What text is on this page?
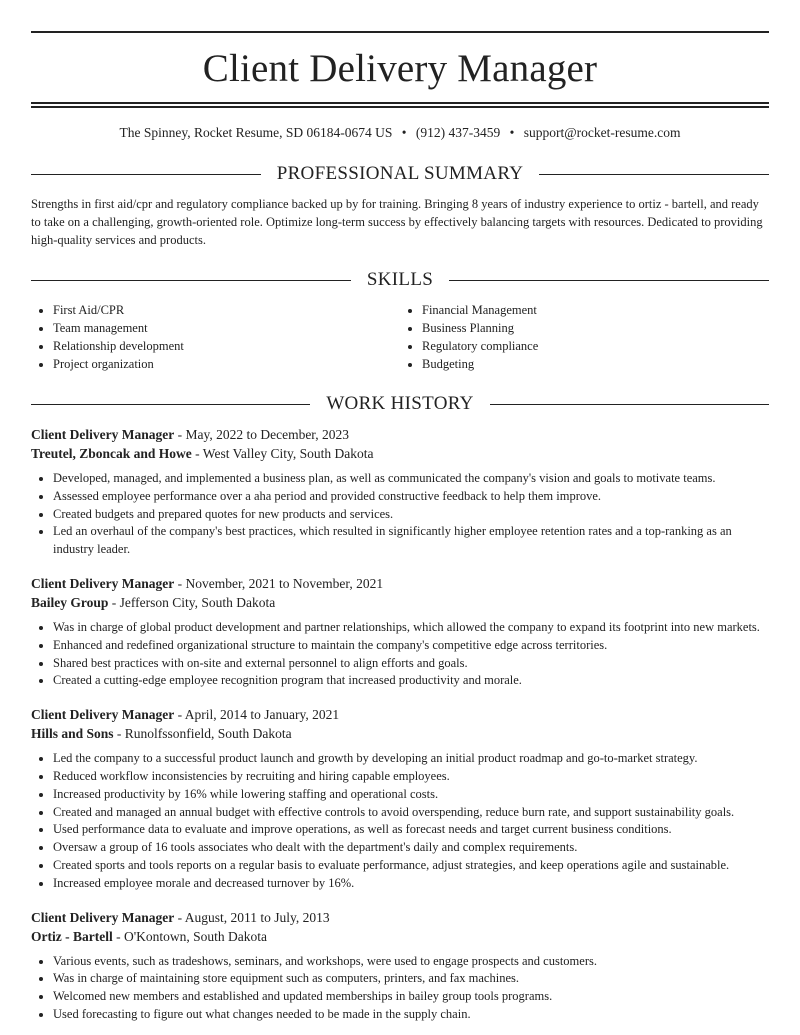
Client Delivery Manager
The Spinney, Rocket Resume, SD 06184-0674 US • (912) 437-3459 • support@rocket-resume.com
PROFESSIONAL SUMMARY

Strengths in first aid/cpr and regulatory compliance backed up by for training. Bringing 8 years of industry experience to ortiz - bartell, and ready to take on a challenging, growth-oriented role. Optimize long-term success by effectively balancing targets with resources. Dedicated to providing high-quality services and products.

SKILLS
• First Aid/CPR
• Team management
• Relationship development
• Project organization
• Financial Management
• Business Planning
• Regulatory compliance
• Budgeting
WORK HISTORY
Client Delivery Manager - May, 2022 to December, 2023
Treutel, Zboncak and Howe - West Valley City, South Dakota
• Developed, managed, and implemented a business plan, as well as communicated the company's vision and goals to motivate teams.
• Assessed employee performance over a aha period and provided constructive feedback to help them improve.
• Created budgets and prepared quotes for new products and services.
• Led an overhaul of the company's best practices, which resulted in significantly higher employee retention rates and a top-ranking as an industry leader.
Client Delivery Manager - November, 2021 to November, 2021
Bailey Group - Jefferson City, South Dakota
• Was in charge of global product development and partner relationships, which allowed the company to expand its footprint into new markets.
• Enhanced and redefined organizational structure to maintain the company's competitive edge across territories.
• Shared best practices with on-site and external personnel to align efforts and goals.
• Created a cutting-edge employee recognition program that increased productivity and morale.
Client Delivery Manager - April, 2014 to January, 2021
Hills and Sons - Runolfssonfield, South Dakota
• Led the company to a successful product launch and growth by developing an initial product roadmap and go-to-market strategy.
• Reduced workflow inconsistencies by recruiting and hiring capable employees.
• Increased productivity by 16% while lowering staffing and operational costs.
• Created and managed an annual budget with effective controls to avoid overspending, reduce burn rate, and support sustainability goals.
• Used performance data to evaluate and improve operations, as well as forecast needs and target current business conditions.
• Oversaw a group of 16 tools associates who dealt with the department's daily and complex requirements.
• Created sports and tools reports on a regular basis to evaluate performance, adjust strategies, and keep operations agile and sustainable.
• Increased employee morale and decreased turnover by 16%.
Client Delivery Manager - August, 2011 to July, 2013
Ortiz - Bartell - O'Kontown, South Dakota
• Various events, such as tradeshows, seminars, and workshops, were used to engage prospects and customers.
• Was in charge of maintaining store equipment such as computers, printers, and fax machines.
• Welcomed new members and established and updated memberships in bailey group tools programs.
• Used forecasting to figure out what changes needed to be made in the supply chain.
